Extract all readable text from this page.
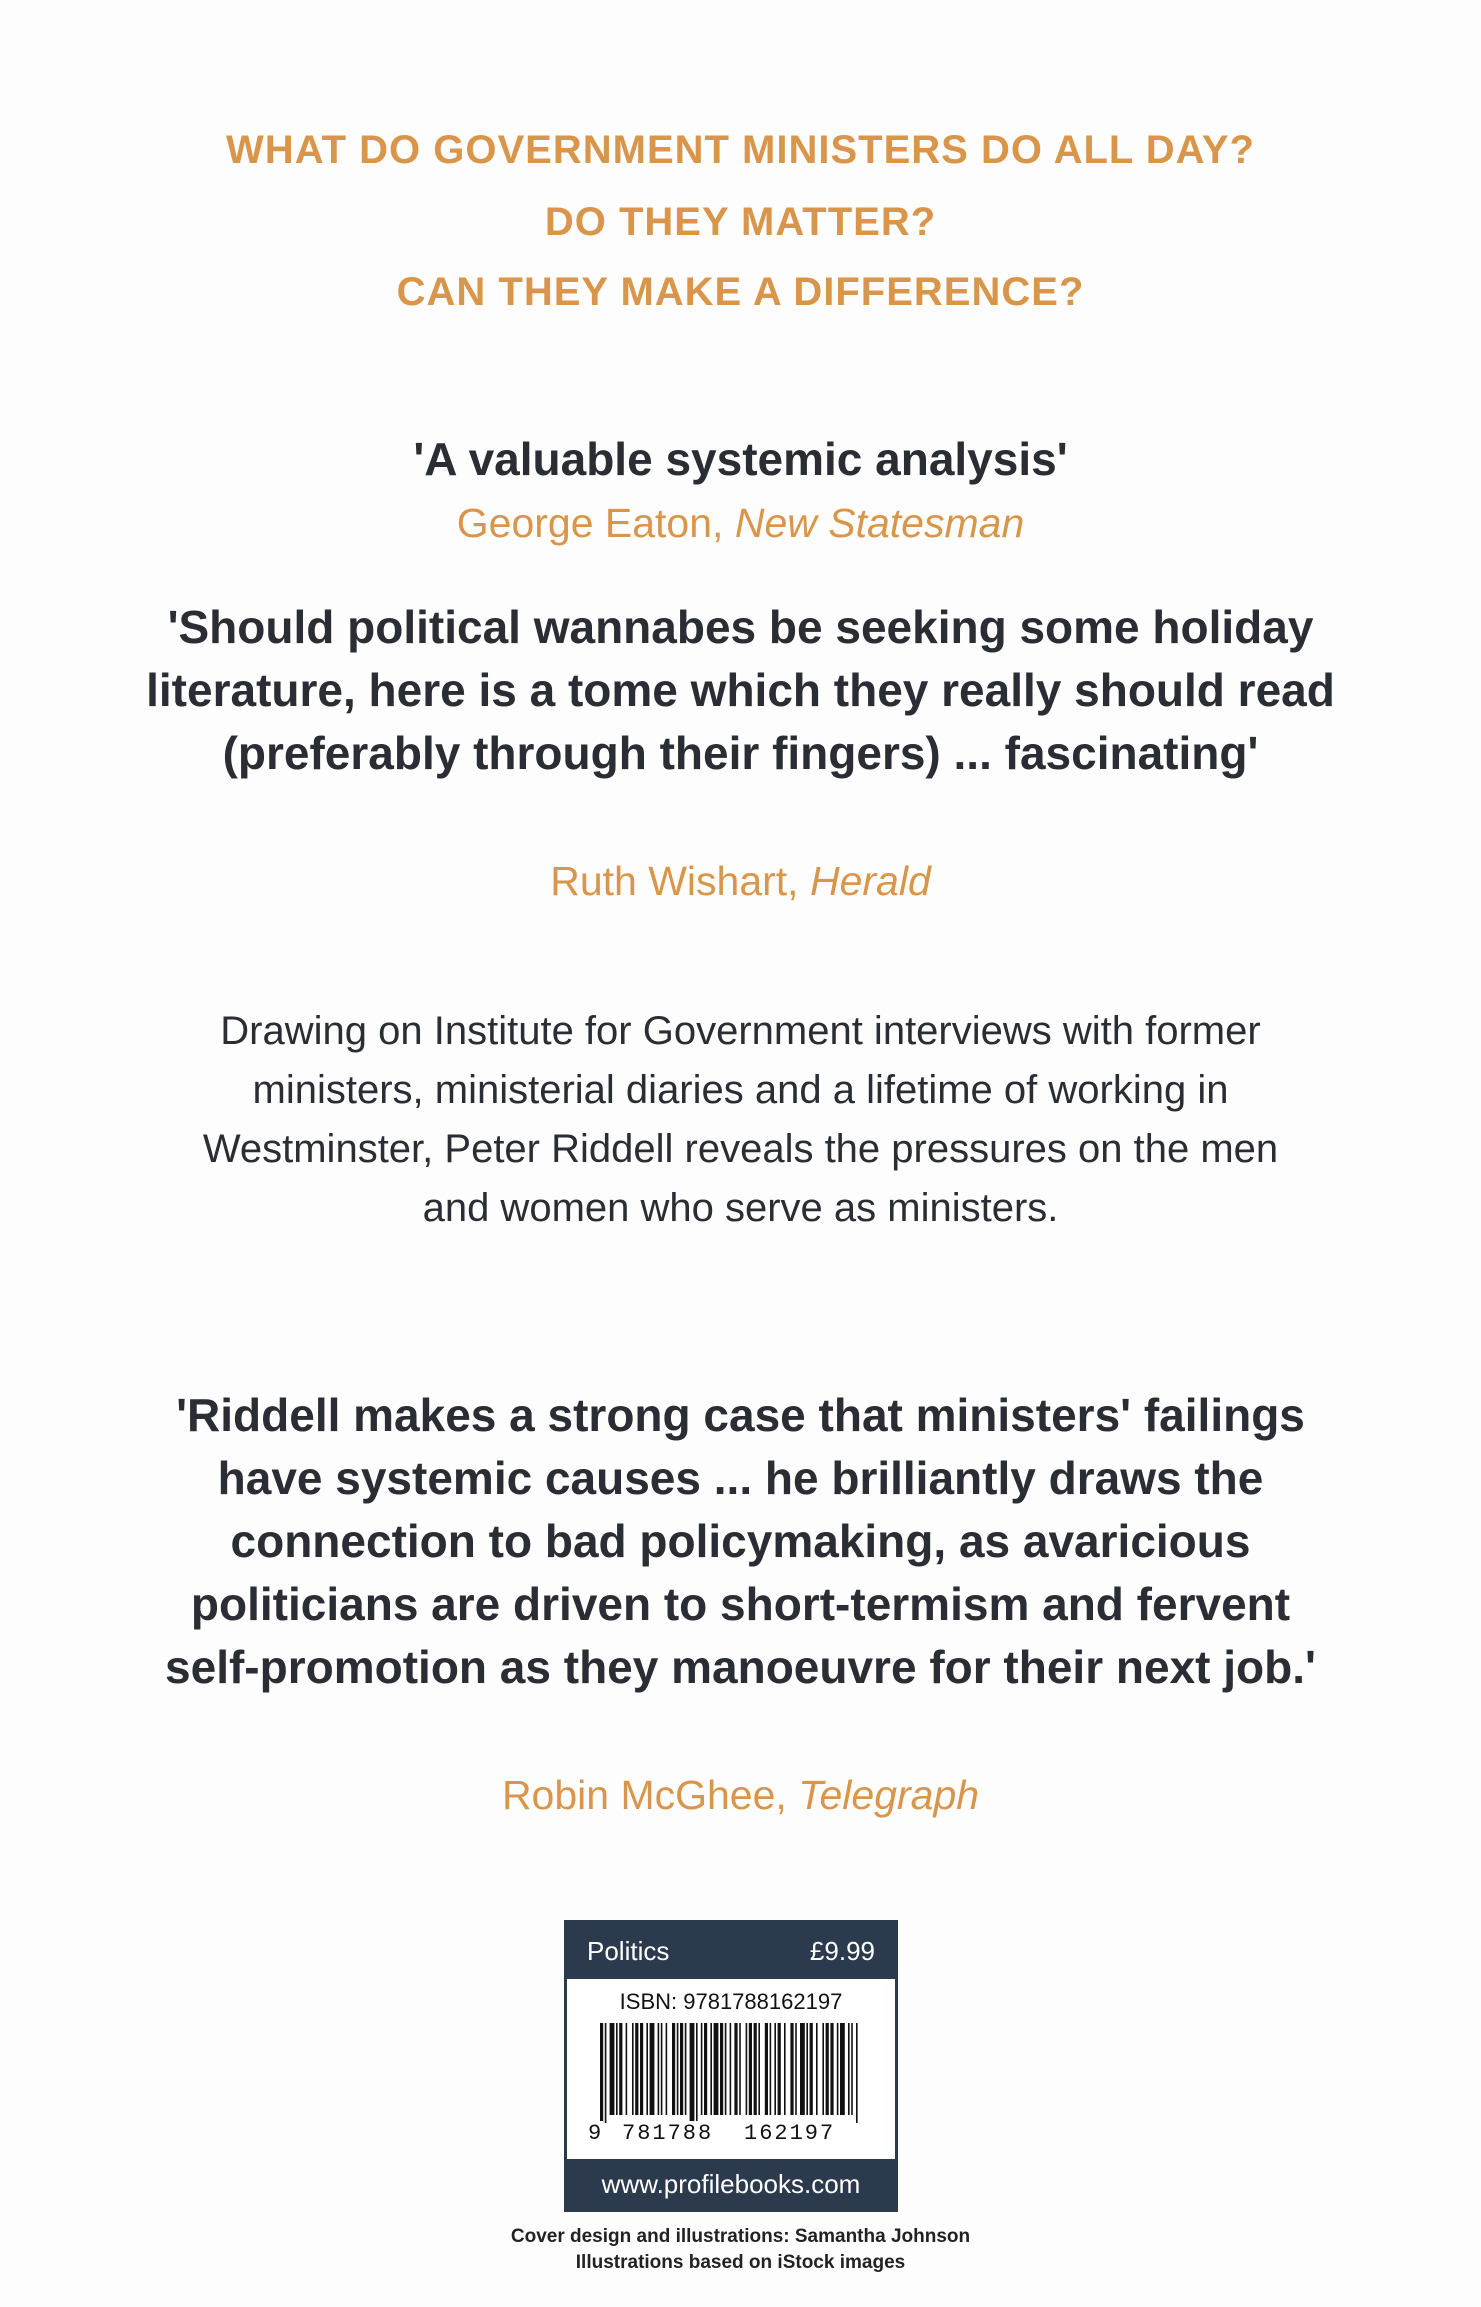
WHAT DO GOVERNMENT MINISTERS DO ALL DAY?

DO THEY MATTER?

CAN THEY MAKE A DIFFERENCE?

'A valuable systemic analysis'

George Eaton, New Statesman

'Should political wannabes be seeking some holiday literature, here is a tome which they really should read (preferably through their fingers) ... fascinating'

Ruth Wishart, Herald

Drawing on Institute for Government interviews with former ministers, ministerial diaries and a lifetime of working in Westminster, Peter Riddell reveals the pressures on the men and women who serve as ministers.

'Riddell makes a strong case that ministers' failings have systemic causes ... he brilliantly draws the connection to bad policymaking, as avaricious politicians are driven to short-termism and fervent self-promotion as they manoeuvre for their next job.'

Robin McGhee, Telegraph

Politics	£9.99
ISBN: 9781788162197
9 781788 162197
www.profilebooks.com

Cover design and illustrations: Samantha Johnson

Illustrations based on iStock images
